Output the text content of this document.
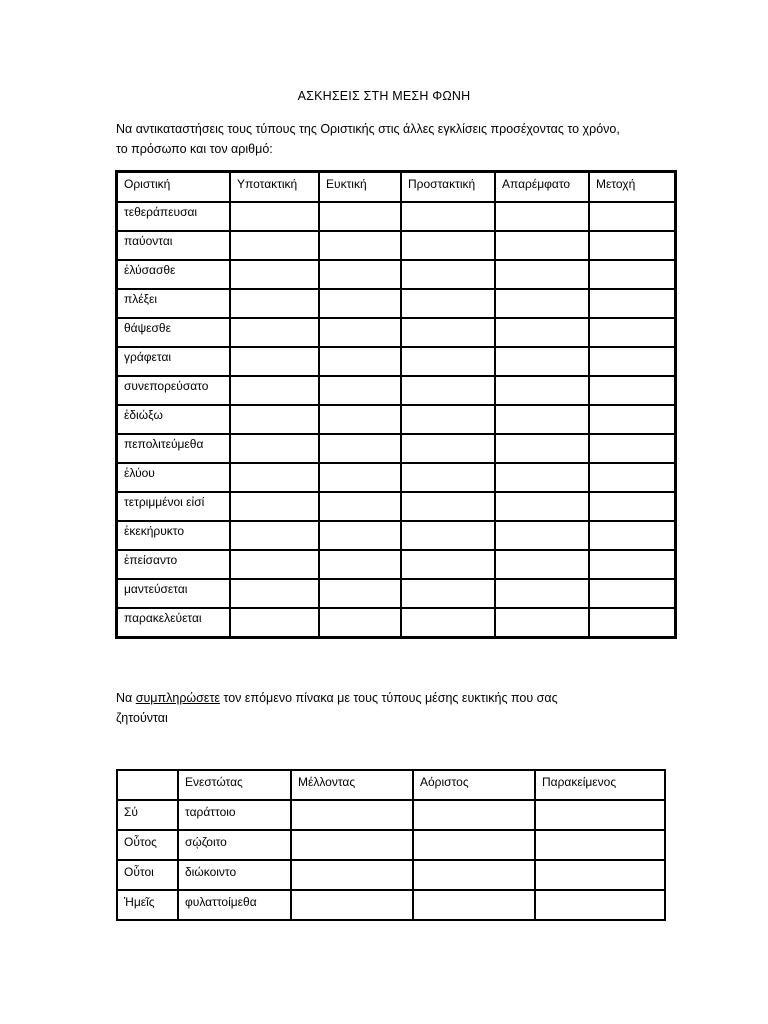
ΑΣΚΗΣΕΙΣ ΣΤΗ ΜΕΣΗ ΦΩΝΗ
Να αντικαταστήσεις τους τύπους της Οριστικής στις άλλες εγκλίσεις προσέχοντας το χρόνο,
το πρόσωπο και τον αριθμό:
Οριστική	Υποτακτική	Ευκτική	Προστακτική	Απαρέμφατο	Μετοχή
τεθεράπευσαι					
παύονται					
ἐλύσασθε					
πλέξει					
θάψεσθε					
γράφεται					
συνεπορεύσατο					
ἐδιώξω					
πεπολιτεύμεθα					
ἐλύου					
τετριμμένοι εἰσί					
ἐκεκήρυκτο					
ἐπείσαντο					
μαντεύσεται					
παρακελεύεται					
Να συμπληρώσετε τον επόμενο πίνακα με τους τύπους μέσης ευκτικής που σας
ζητούνται
	Ενεστώτας	Μέλλοντας	Αόριστος	Παρακείμενος
Σύ	ταράττοιο			
Οὗτος	σῴζοιτο			
Οὗτοι	διώκοιντο			
Ἡμεῖς	φυλαττοίμεθα			
